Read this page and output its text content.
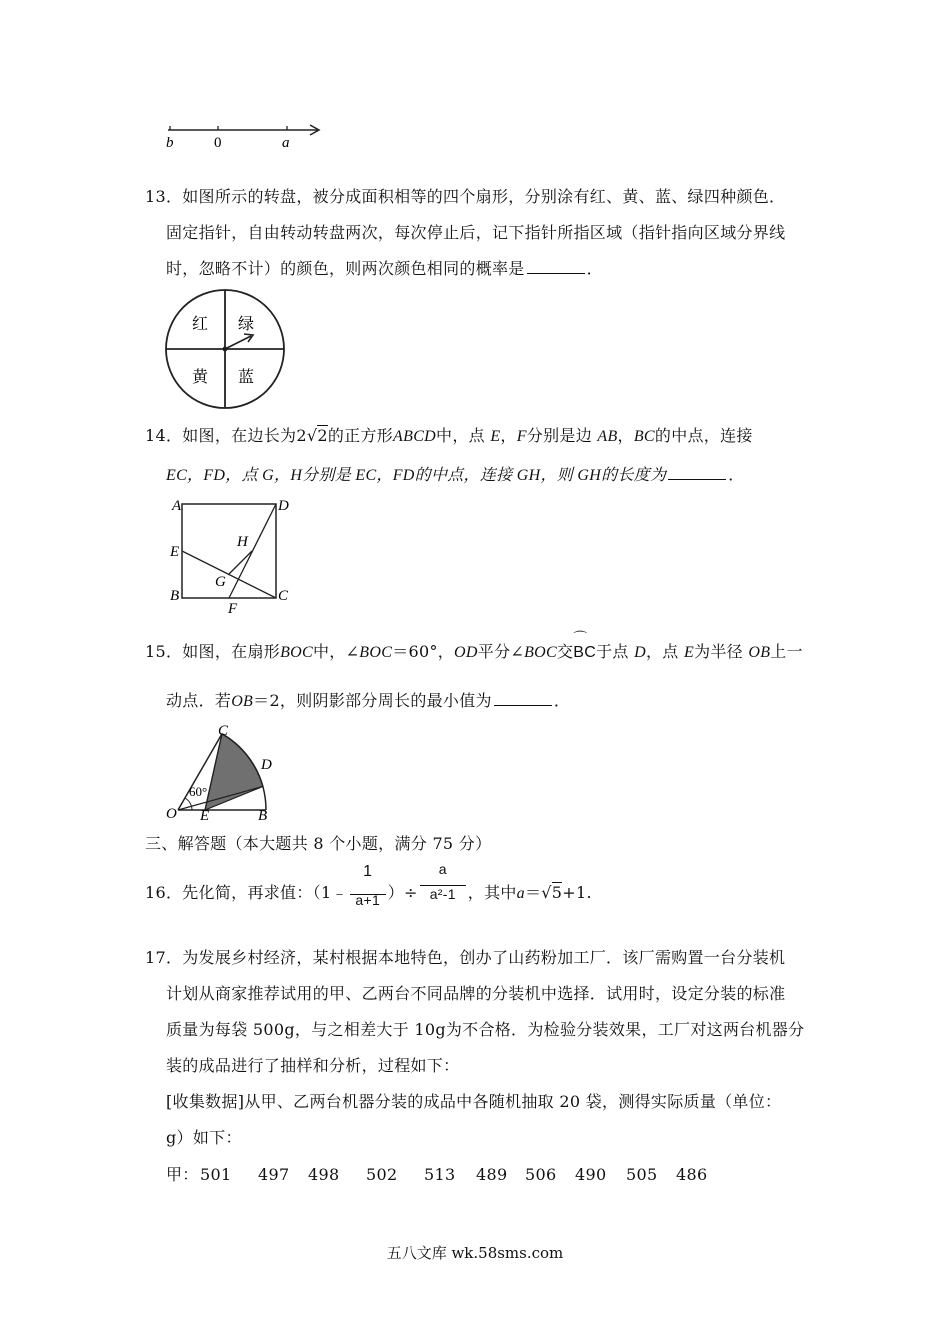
b	0	a
13．如图所示的转盘，被分成面积相等的四个扇形，分别涂有红、黄、蓝、绿四种颜色．
固定指针，自由转动转盘两次，每次停止后，记下指针所指区域（指针指向区域分界线
时，忽略不计）的颜色，则两次颜色相同的概率是	．
红 绿
黄 蓝
14．如图，在边长为2√2的正方形ABCD中，点 E，F分别是边 AB，BC的中点，连接
EC，FD，点 G，H分别是 EC，FD的中点，连接 GH，则 GH的长度为	．
A	D
E
H
G
B	C
F
15．如图，在扇形BOC中，∠BOC＝60°，OD平分∠BOC交
⌒
BC于点 D，点 E为半径 OB上一
动点．若OB＝2，则阴影部分周长的最小值为	．
C
D
60°
O E	B
三、解答题（本大题共 8 个小题，满分 75 分）
16．先化简，再求值：（1﹣ $\frac{1}{a+1}$ ）÷ $\frac{a}{\text{a²-1}}$ ，其中a＝√5+1.
17．为发展乡村经济，某村根据本地特色，创办了山药粉加工厂．该厂需购置一台分装机
计划从商家推荐试用的甲、乙两台不同品牌的分装机中选择．试用时，设定分装的标准
质量为每袋 500g，与之相差大于 10g为不合格．为检验分装效果，工厂对这两台机器分
装的成品进行了抽样和分析，过程如下：
[收集数据]从甲、乙两台机器分装的成品中各随机抽取 20 袋，测得实际质量（单位：
g）如下：
甲： 501 497 498 502 513 489 506 490 505 486
五八文库 wk.58sms.com
